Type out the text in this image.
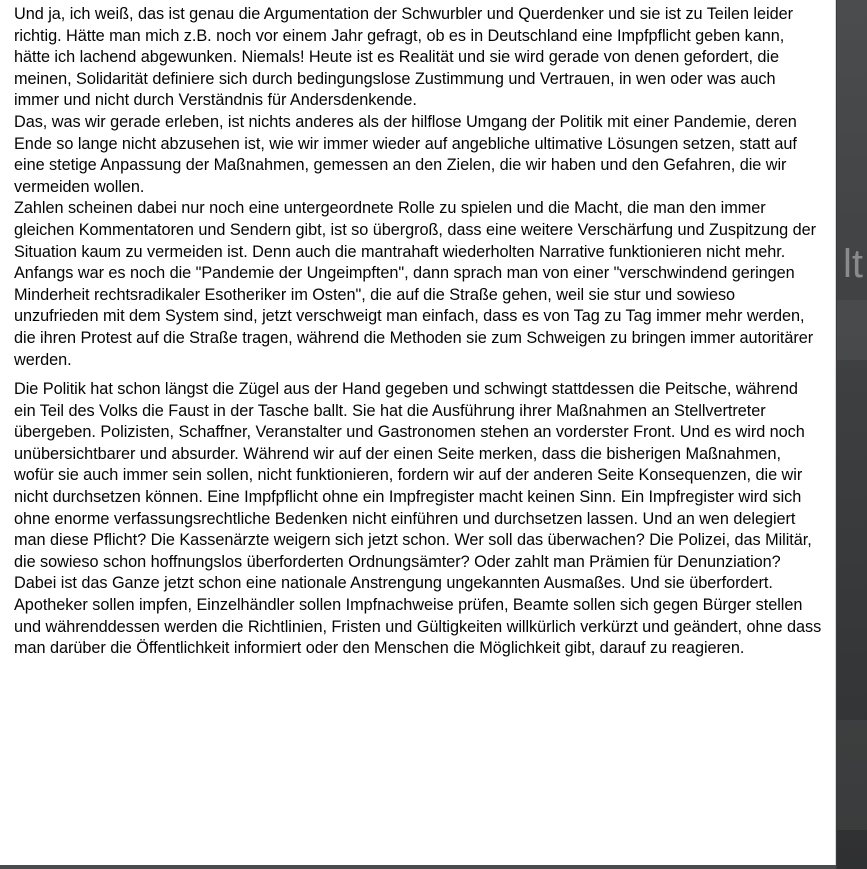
lt

Und ja, ich weiß, das ist genau die Argumentation der Schwurbler und Querdenker und sie ist zu Teilen leider richtig. Hätte man mich z.B. noch vor einem Jahr gefragt, ob es in Deutschland eine Impfpflicht geben kann, hätte ich lachend abgewunken. Niemals! Heute ist es Realität und sie wird gerade von denen gefordert, die meinen, Solidarität definiere sich durch bedingungslose Zustimmung und Vertrauen, in wen oder was auch immer und nicht durch Verständnis für Andersdenkende.
Das, was wir gerade erleben, ist nichts anderes als der hilflose Umgang der Politik mit einer Pandemie, deren Ende so lange nicht abzusehen ist, wie wir immer wieder auf angebliche ultimative Lösungen setzen, statt auf eine stetige Anpassung der Maßnahmen, gemessen an den Zielen, die wir haben und den Gefahren, die wir vermeiden wollen.
Zahlen scheinen dabei nur noch eine untergeordnete Rolle zu spielen und die Macht, die man den immer gleichen Kommentatoren und Sendern gibt, ist so übergroß, dass eine weitere Verschärfung und Zuspitzung der Situation kaum zu vermeiden ist. Denn auch die mantrahaft wiederholten Narrative funktionieren nicht mehr. Anfangs war es noch die "Pandemie der Ungeimpften", dann sprach man von einer "verschwindend geringen Minderheit rechtsradikaler Esotheriker im Osten", die auf die Straße gehen, weil sie stur und sowieso unzufrieden mit dem System sind, jetzt verschweigt man einfach, dass es von Tag zu Tag immer mehr werden, die ihren Protest auf die Straße tragen, während die Methoden sie zum Schweigen zu bringen immer autoritärer werden.

Die Politik hat schon längst die Zügel aus der Hand gegeben und schwingt stattdessen die Peitsche, während ein Teil des Volks die Faust in der Tasche ballt. Sie hat die Ausführung ihrer Maßnahmen an Stellvertreter übergeben. Polizisten, Schaffner, Veranstalter und Gastronomen stehen an vorderster Front. Und es wird noch unübersichtbarer und absurder. Während wir auf der einen Seite merken, dass die bisherigen Maßnahmen, wofür sie auch immer sein sollen, nicht funktionieren, fordern wir auf der anderen Seite Konsequenzen, die wir nicht durchsetzen können. Eine Impfpflicht ohne ein Impfregister macht keinen Sinn. Ein Impfregister wird sich ohne enorme verfassungsrechtliche Bedenken nicht einführen und durchsetzen lassen. Und an wen delegiert man diese Pflicht? Die Kassenärzte weigern sich jetzt schon. Wer soll das überwachen? Die Polizei, das Militär, die sowieso schon hoffnungslos überforderten Ordnungsämter? Oder zahlt man Prämien für Denunziation? Dabei ist das Ganze jetzt schon eine nationale Anstrengung ungekannten Ausmaßes. Und sie überfordert. Apotheker sollen impfen, Einzelhändler sollen Impfnachweise prüfen, Beamte sollen sich gegen Bürger stellen und währenddessen werden die Richtlinien, Fristen und Gültigkeiten willkürlich verkürzt und geändert, ohne dass man darüber die Öffentlichkeit informiert oder den Menschen die Möglichkeit gibt, darauf zu reagieren.
